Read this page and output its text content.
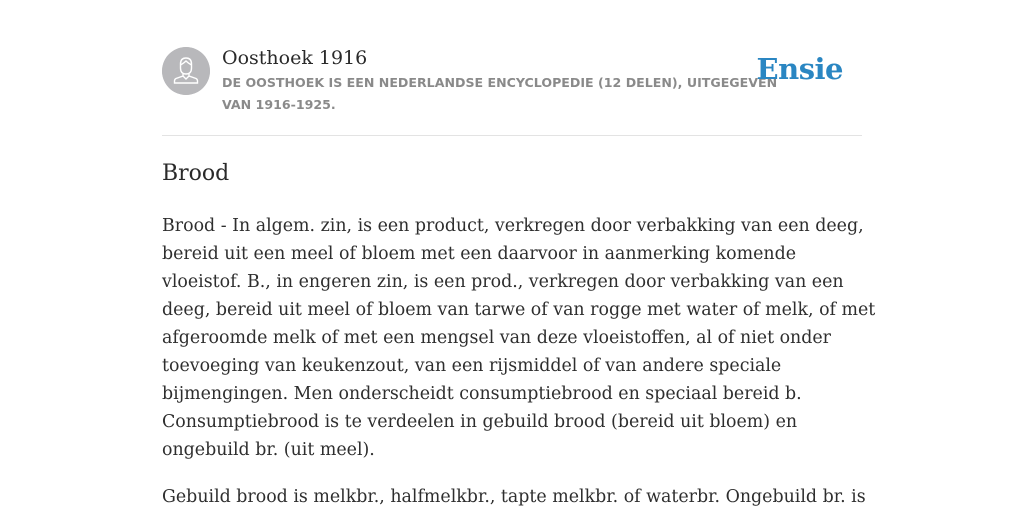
Oosthoek 1916
DE OOSTHOEK IS EEN NEDERLANDSE ENCYCLOPEDIE (12 DELEN), UITGEGEVEN
VAN 1916-1925.
Ensie
Brood

Brood - In algem. zin, is een product, verkregen door verbakking van een deeg,
bereid uit een meel of bloem met een daarvoor in aanmerking komende
vloeistof. B., in engeren zin, is een prod., verkregen door verbakking van een
deeg, bereid uit meel of bloem van tarwe of van rogge met water of melk, of met
afgeroomde melk of met een mengsel van deze vloeistoffen, al of niet onder
toevoeging van keukenzout, van een rijsmiddel of van andere speciale
bijmengingen. Men onderscheidt consumptiebrood en speciaal bereid b.
Consumptiebrood is te verdeelen in gebuild brood (bereid uit bloem) en
ongebuild br. (uit meel).

Gebuild brood is melkbr., halfmelkbr., tapte melkbr. of waterbr. Ongebuild br. is
